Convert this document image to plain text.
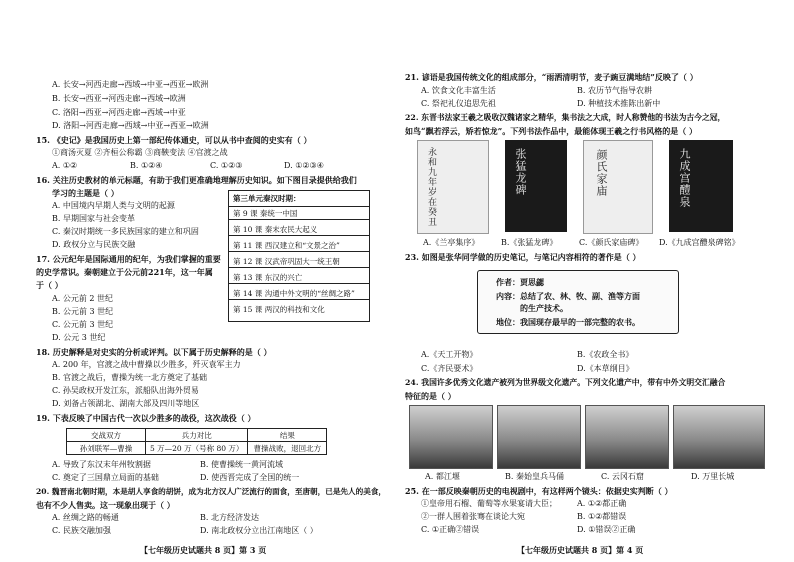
A. 长安→河西走廊→西域→中亚→西亚→欧洲
B. 长安→西亚→河西走廊→西域→欧洲
C. 洛阳→西亚→河西走廊→西域→中亚
D. 洛阳→河西走廊→西域→中亚→西亚→欧洲
15. 《史记》是我国历史上第一部纪传体通史，可以从书中查阅的史实有（ ）
①商汤灭夏 ②齐桓公称霸 ③商鞅变法 ④官渡之战
A. ①②	B. ①②④	C. ①②③	D. ①②③④
16. 关注历史教材的单元标题，有助于我们更准确地理解历史知识。如下图目录提供给我们
学习的主题是（ ）
A. 中国境内早期人类与文明的起源
B. 早期国家与社会变革
C. 秦汉时期统一多民族国家的建立和巩固
D. 政权分立与民族交融
第三单元秦汉时期：
第 9 课 秦统一中国
第 10 课 秦末农民大起义
第 11 课 西汉建立和“文景之治”
第 12 课 汉武帝巩固大一统王朝
第 13 课 东汉的兴亡
第 14 课 沟通中外文明的“丝绸之路”
第 15 课 两汉的科技和文化
17. 公元纪年是国际通用的纪年，为我们掌握的重要
的史学常识。秦朝建立于公元前221年，这一年属
于（ ）
A. 公元前 2 世纪
B. 公元前 3 世纪
C. 公元前 3 世纪
D. 公元 3 世纪
18. 历史解释是对史实的分析或评判。以下属于历史解释的是（ ）
A. 200 年，官渡之战中曹操以少胜多，歼灭袁军主力
B. 官渡之战后，曹操为统一北方奠定了基础
C. 孙吴政权开发江东，派船队出海外贸易
D. 刘备占领湖北、湖南大部及四川等地区
19. 下表反映了中国古代一次以少胜多的战役，这次战役（ ）
交战双方	兵力对比	结果
孙刘联军—曹操	5 万—20 万（号称 80 万）	曹操战败，退回北方
A. 导致了东汉末年州牧割据	B. 使曹操统一黄河流域
C. 奠定了三国鼎立局面的基础	D. 使西晋完成了全国的统一
20. 魏晋南北朝时期，本是胡人享食的胡饼，成为北方汉人广泛流行的面食，至唐朝，已是先人的美食，
也有不少人售卖。这一现象出现于（ ）
A. 丝绸之路的畅通	B. 北方经济发达
C. 民族交融加强	D. 南北政权分立出江南地区（ ）
【七年级历史试题共 8 页】第 3 页
21. 谚语是我国传统文化的组成部分，“雨洒清明节，麦子豌豆满地结”反映了（ ）
A. 饮食文化丰富生活	B. 农历节气指导农耕
C. 祭祀礼仪追思先祖	D. 种植技术推陈出新中
22. 东晋书法家王羲之吸收汉魏诸家之精华，集书法之大成，时人称赞他的书法为古今之冠，
如鸟“飘若浮云，矫若惊龙”。下列书法作品中，最能体现王羲之行书风格的是（ ）
永和九年岁在癸丑	张猛龙碑	颜氏家庙	九成宫醴泉
A.《兰亭集序》	B.《张猛龙碑》	C.《颜氏家庙碑》 D.《九成宫醴泉碑铭》
23. 如图是张华同学做的历史笔记，与笔记内容相符的著作是（ ）
作者：贾思勰
内容：总结了农、林、牧、副、渔等方面
的生产技术。
地位：我国现存最早的一部完整的农书。
A.《天工开物》	B.《农政全书》
C.《齐民要术》	D.《本草纲目》
24. 我国许多优秀文化遗产被列为世界级文化遗产。下列文化遗产中，带有中外文明交汇融合
特征的是（ ）
A. 都江堰	B. 秦始皇兵马俑	C. 云冈石窟	D. 万里长城
25. 在一部反映秦朝历史的电视剧中，有这样两个镜头：依据史实判断（ ）
①皇帝用石榴、葡萄等水果宴请大臣；
②一群人围着张骞在谈论大宛
A. ①②都正确
B. ①②都错误
C. ①正确②错误	D. ①错误②正确
【七年级历史试题共 8 页】第 4 页
